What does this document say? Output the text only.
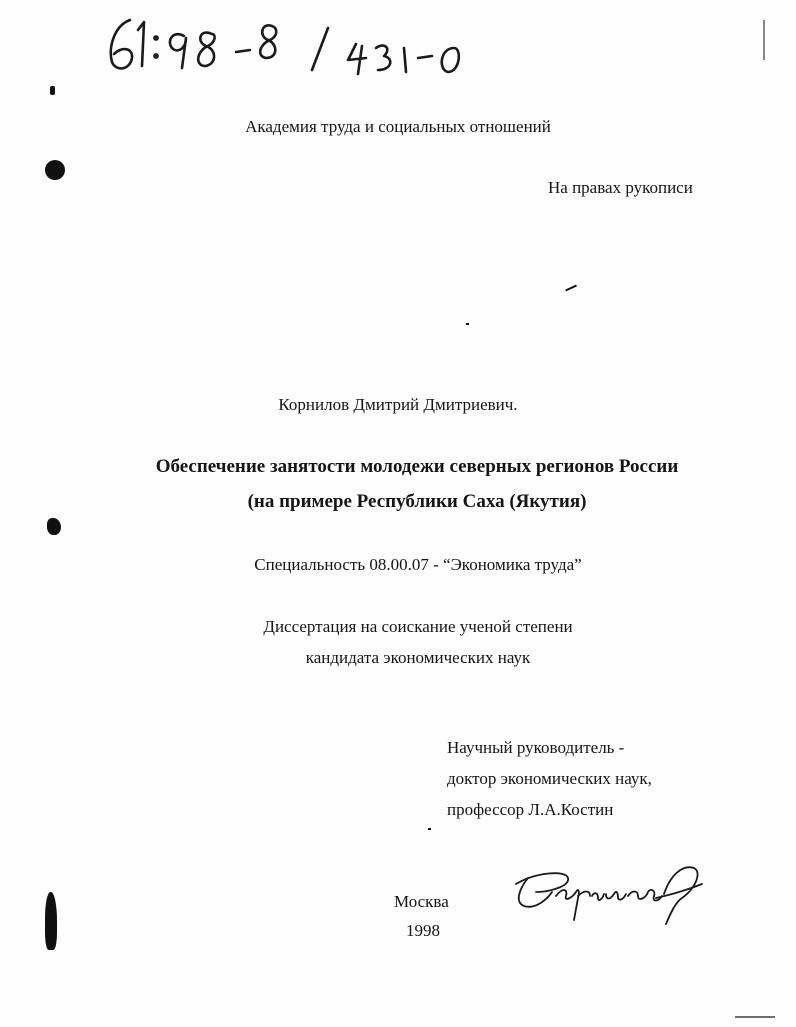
Академия труда и социальных отношений
На правах рукописи
Корнилов Дмитрий Дмитриевич.
Обеспечение занятости молодежи северных регионов России
(на примере Республики Саха (Якутия)
Специальность 08.00.07 - “Экономика труда”
Диссертация на соискание ученой степени
кандидата экономических наук
Научный руководитель -
доктор экономических наук,
профессор Л.А.Костин
Москва
1998
